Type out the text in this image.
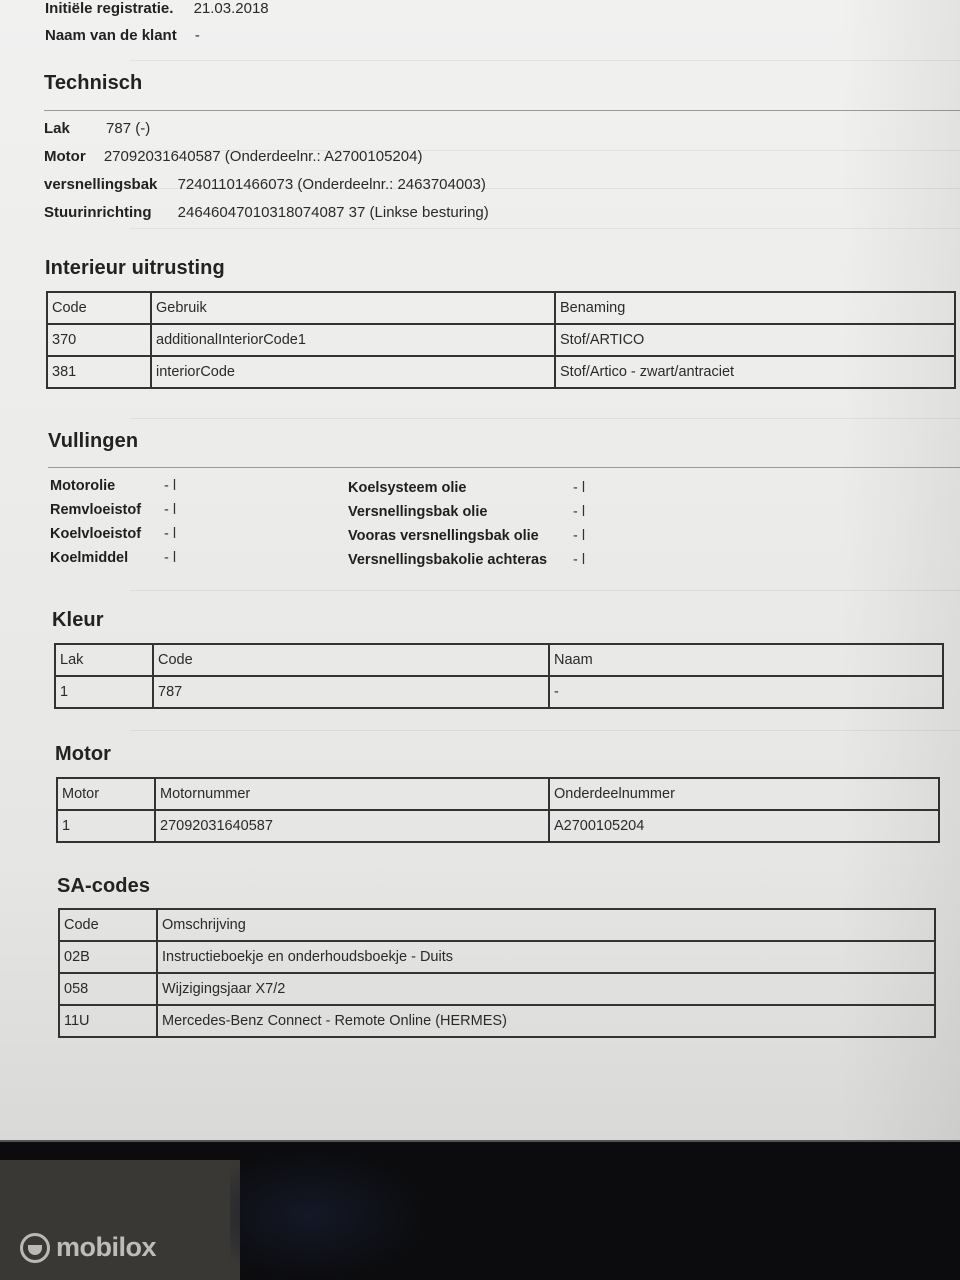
Initiële registratie. 21.03.2018
Naam van de klant -
Technisch
Lak 787 (-)
Motor 27092031640587 (Onderdeelnr.: A2700105204)
versnellingsbak 72401101466073 (Onderdeelnr.: 2463704003)
Stuurinrichting 24646047010318074087 37 (Linkse besturing)
Interieur uitrusting
Code	Gebruik	Benaming
370	additionalInteriorCode1	Stof/ARTICO
381	interiorCode	Stof/Artico - zwart/antraciet
Vullingen
Motorolie	- l
Remvloeistof - l
Koelvloeistof - l
Koelmiddel - l
Koelsysteem olie	- l
Versnellingsbak olie	- l
Vooras versnellingsbak olie - l
Versnellingsbakolie achteras - l
Kleur
Lak	Code	Naam
1	787	-
Motor
Motor	Motornummer	Onderdeelnummer
1	27092031640587	A2700105204
SA-codes
Code	Omschrijving
02B	Instructieboekje en onderhoudsboekje - Duits
058	Wijzigingsjaar X7/2
11U	Mercedes-Benz Connect - Remote Online (HERMES)
mobilox
